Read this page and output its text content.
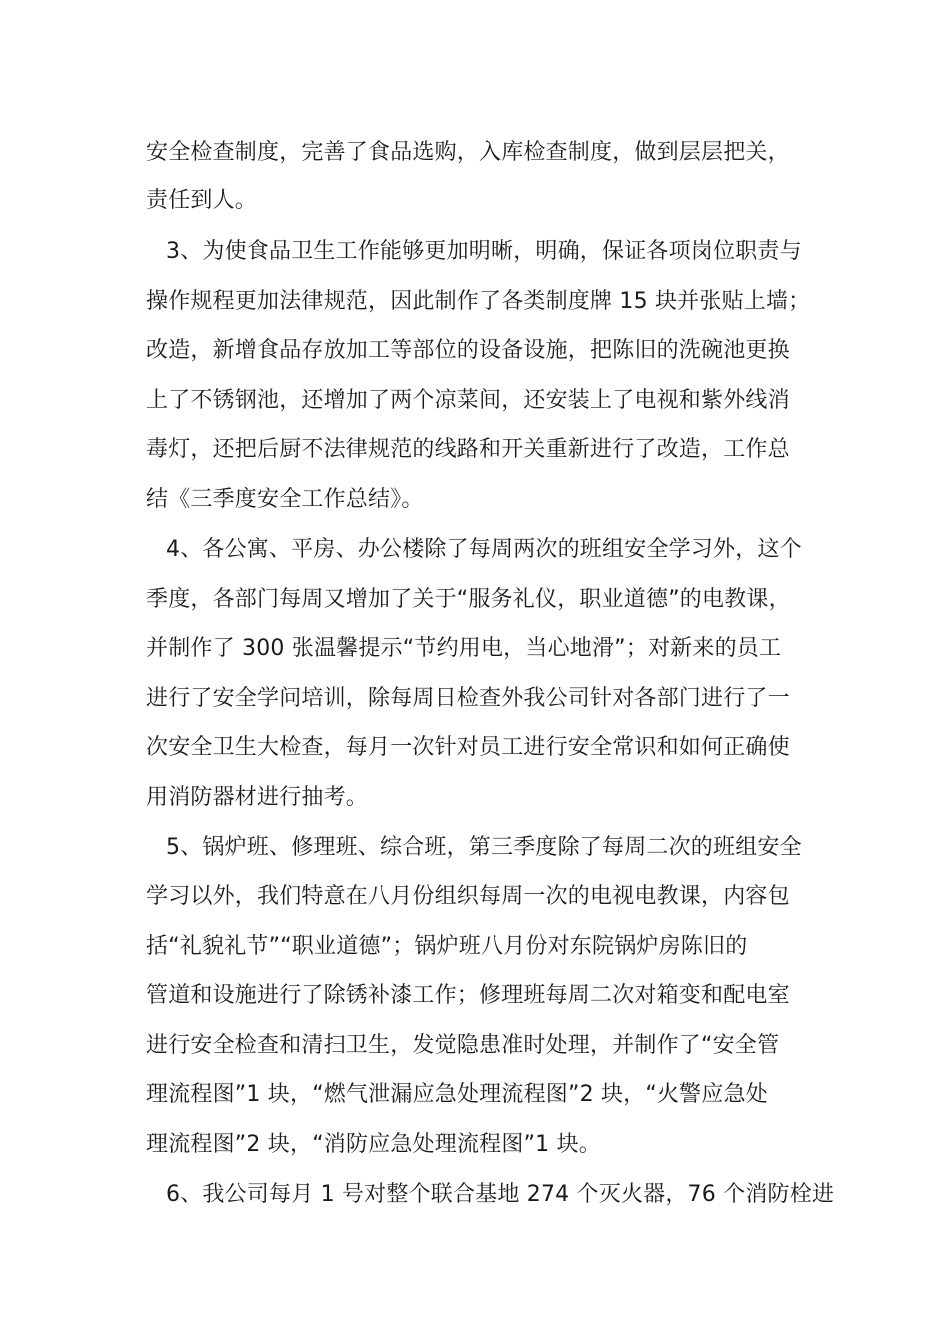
安全检查制度，完善了食品选购，入库检查制度，做到层层把关，
责任到人。
3、为使食品卫生工作能够更加明晰，明确，保证各项岗位职责与
操作规程更加法律规范，因此制作了各类制度牌 15 块并张贴上墙；
改造，新增食品存放加工等部位的设备设施，把陈旧的洗碗池更换
上了不锈钢池，还增加了两个凉菜间，还安装上了电视和紫外线消
毒灯，还把后厨不法律规范的线路和开关重新进行了改造，工作总
结《三季度安全工作总结》。
4、各公寓、平房、办公楼除了每周两次的班组安全学习外，这个
季度，各部门每周又增加了关于“服务礼仪，职业道德”的电教课，
并制作了 300 张温馨提示“节约用电，当心地滑”；对新来的员工
进行了安全学问培训，除每周日检查外我公司针对各部门进行了一
次安全卫生大检查，每月一次针对员工进行安全常识和如何正确使
用消防器材进行抽考。
5、锅炉班、修理班、综合班，第三季度除了每周二次的班组安全
学习以外，我们特意在八月份组织每周一次的电视电教课，内容包
括“礼貌礼节”“职业道德”；锅炉班八月份对东院锅炉房陈旧的
管道和设施进行了除锈补漆工作；修理班每周二次对箱变和配电室
进行安全检查和清扫卫生，发觉隐患准时处理，并制作了“安全管
理流程图”1 块，“燃气泄漏应急处理流程图”2 块，“火警应急处
理流程图”2 块，“消防应急处理流程图”1 块。
6、我公司每月 1 号对整个联合基地 274 个灭火器，76 个消防栓进
